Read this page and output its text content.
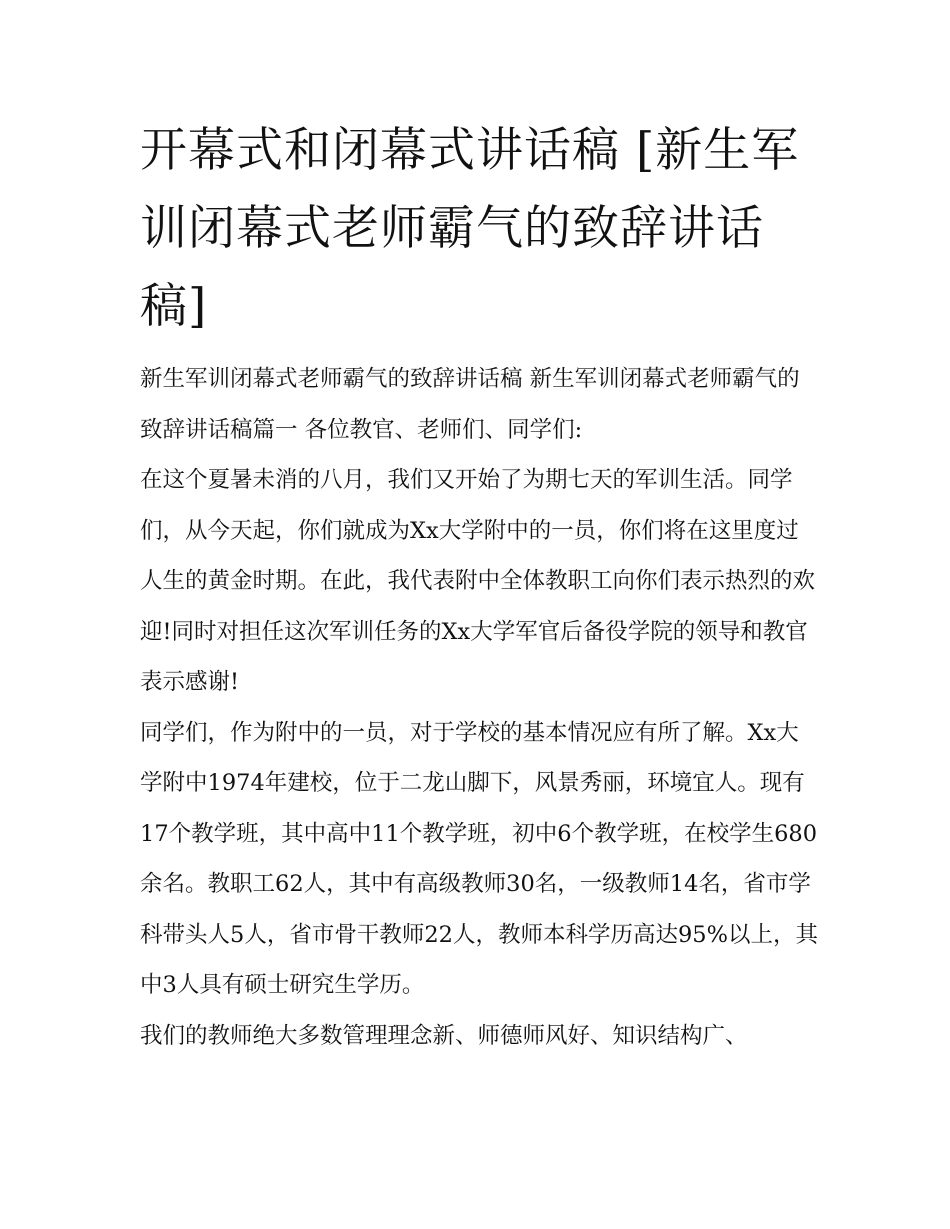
开幕式和闭幕式讲话稿 [新生军训闭幕式老师霸气的致辞讲话稿]

新生军训闭幕式老师霸气的致辞讲话稿 新生军训闭幕式老师霸气的致辞讲话稿篇一 各位教官、老师们、同学们:

在这个夏暑未消的八月，我们又开始了为期七天的军训生活。同学们，从今天起，你们就成为Xx大学附中的一员，你们将在这里度过人生的黄金时期。在此，我代表附中全体教职工向你们表示热烈的欢迎!同时对担任这次军训任务的Xx大学军官后备役学院的领导和教官表示感谢!

同学们，作为附中的一员，对于学校的基本情况应有所了解。Xx大学附中1974年建校，位于二龙山脚下，风景秀丽，环境宜人。现有17个教学班，其中高中11个教学班，初中6个教学班，在校学生680余名。教职工62人，其中有高级教师30名，一级教师14名，省市学科带头人5人，省市骨干教师22人，教师本科学历高达95%以上，其中3人具有硕士研究生学历。

我们的教师绝大多数管理理念新、师德师风好、知识结构广、
